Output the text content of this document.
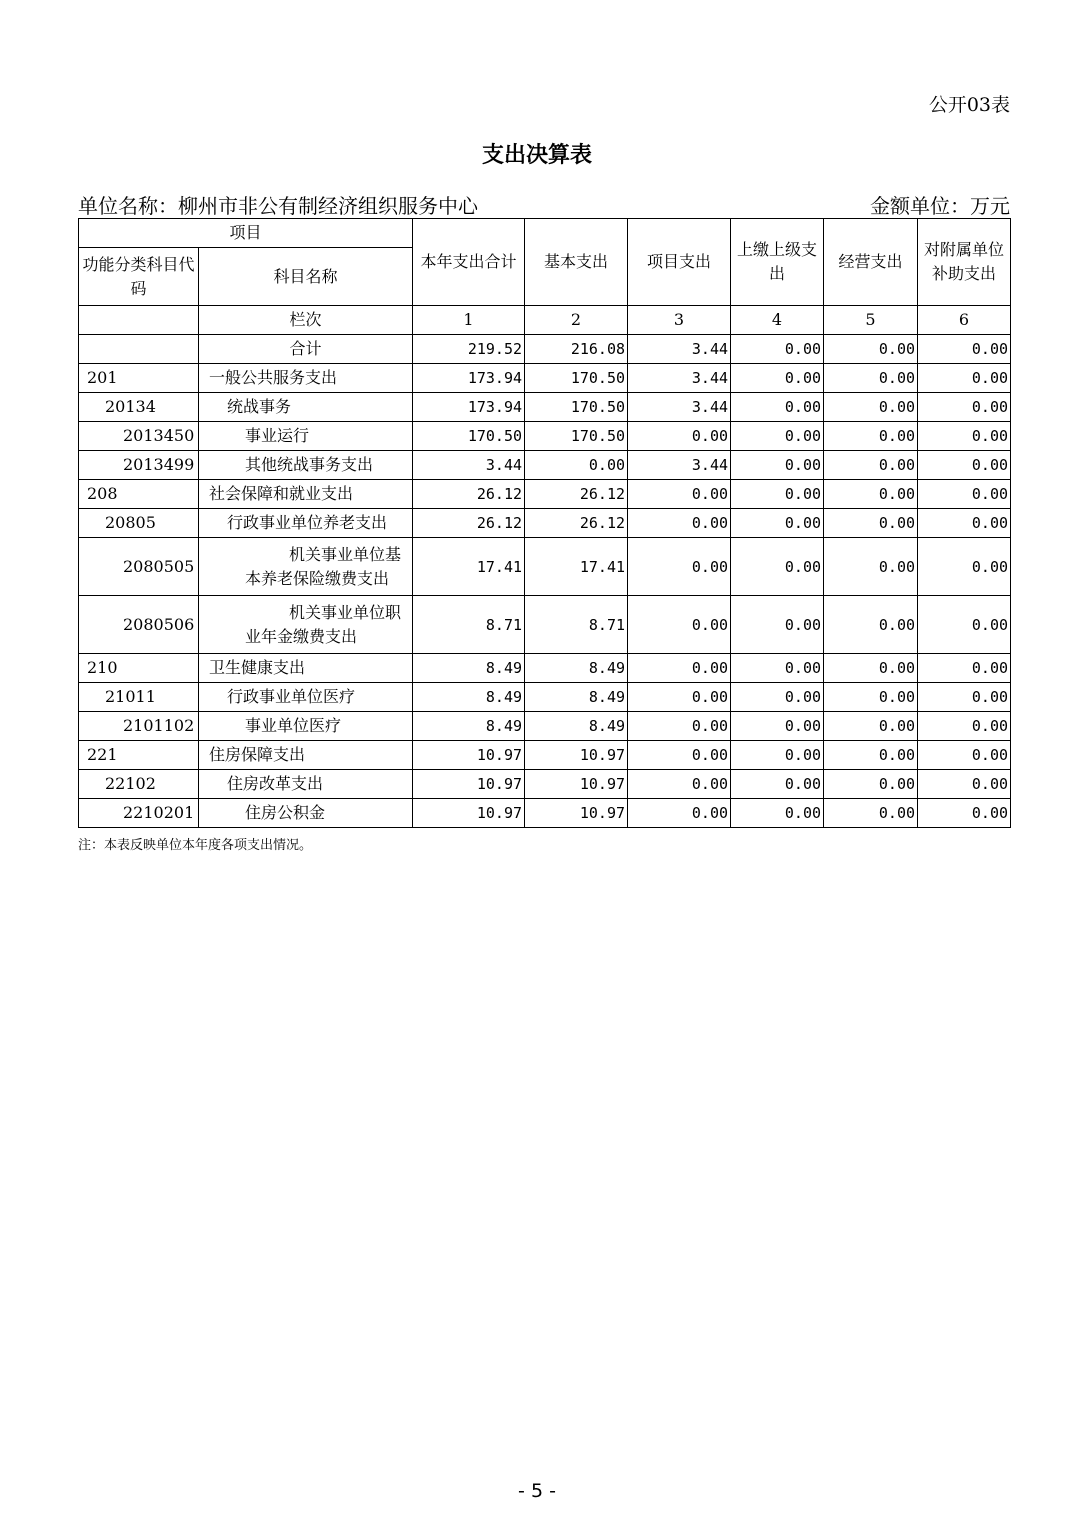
公开03表
支出决算表
单位名称：柳州市非公有制经济组织服务中心	金额单位：万元
项目		本年支出合计	基本支出	项目支出	上缴上级支出	经营支出	对附属单位补助支出
功能分类科目代码	科目名称						
	栏次	1	2	3	4	5	6
	合计	219.52	216.08	3.44	0.00	0.00	0.00
201	一般公共服务支出	173.94	170.50	3.44	0.00	0.00	0.00
20134	统战事务	173.94	170.50	3.44	0.00	0.00	0.00
2013450	事业运行	170.50	170.50	0.00	0.00	0.00	0.00
2013499	其他统战事务支出	3.44	0.00	3.44	0.00	0.00	0.00
208	社会保障和就业支出	26.12	26.12	0.00	0.00	0.00	0.00
20805	行政事业单位养老支出	26.12	26.12	0.00	0.00	0.00	0.00
2080505	机关事业单位基本养老保险缴费支出	17.41	17.41	0.00	0.00	0.00	0.00
2080506	机关事业单位职业年金缴费支出	8.71	8.71	0.00	0.00	0.00	0.00
210	卫生健康支出	8.49	8.49	0.00	0.00	0.00	0.00
21011	行政事业单位医疗	8.49	8.49	0.00	0.00	0.00	0.00
2101102	事业单位医疗	8.49	8.49	0.00	0.00	0.00	0.00
221	住房保障支出	10.97	10.97	0.00	0.00	0.00	0.00
22102	住房改革支出	10.97	10.97	0.00	0.00	0.00	0.00
2210201	住房公积金	10.97	10.97	0.00	0.00	0.00	0.00
注：本表反映单位本年度各项支出情况。
- 5 -
